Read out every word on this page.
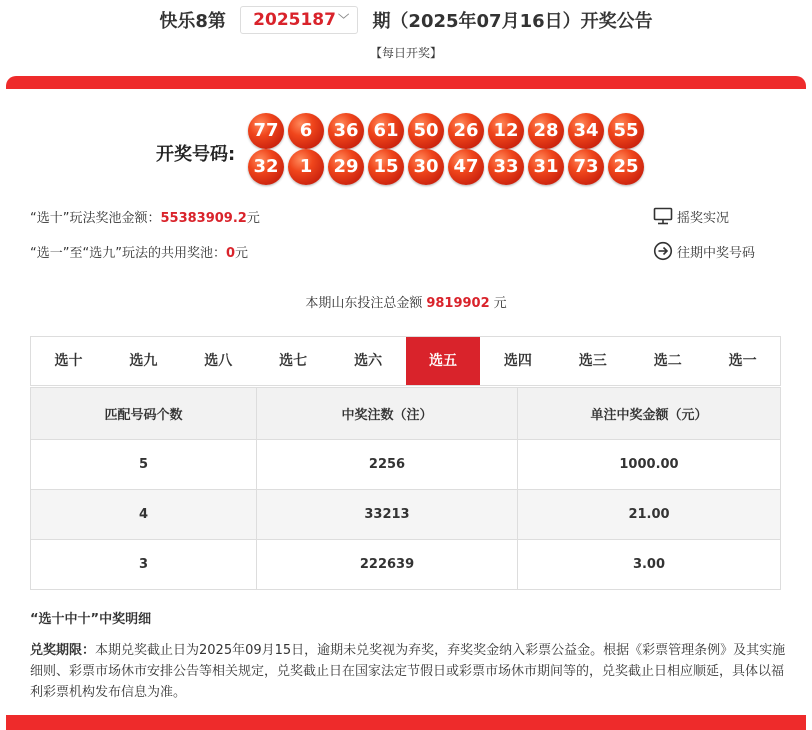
快乐8第 2025187 ﹀ 期（2025年07月16日）开奖公告
【每日开奖】
开奖号码:
77	6	36 61 50 26 12 28 34 55
32	1	29 15 30 47 33 31 73 25
“选十”玩法奖池金额：55383909.2元
“选一”至“选九”玩法的共用奖池：0元
摇奖实况
往期中奖号码
本期山东投注总金额 9819902 元
选十	选九	选八	选七	选六	选五	选四	选三	选二	选一
匹配号码个数	中奖注数（注）	单注中奖金额（元）
5	2256	1000.00
4	33213	21.00
3	222639	3.00
“选十中十”中奖明细
兑奖期限：本期兑奖截止日为2025年09月15日，逾期未兑奖视为弃奖，弃奖奖金纳入彩票公益金。根据《彩票管理条例》及其实施细则、彩票市场休市安排公告等相关规定，兑奖截止日在国家法定节假日或彩票市场休市期间等的，兑奖截止日相应顺延，具体以福利彩票机构发布信息为准。
